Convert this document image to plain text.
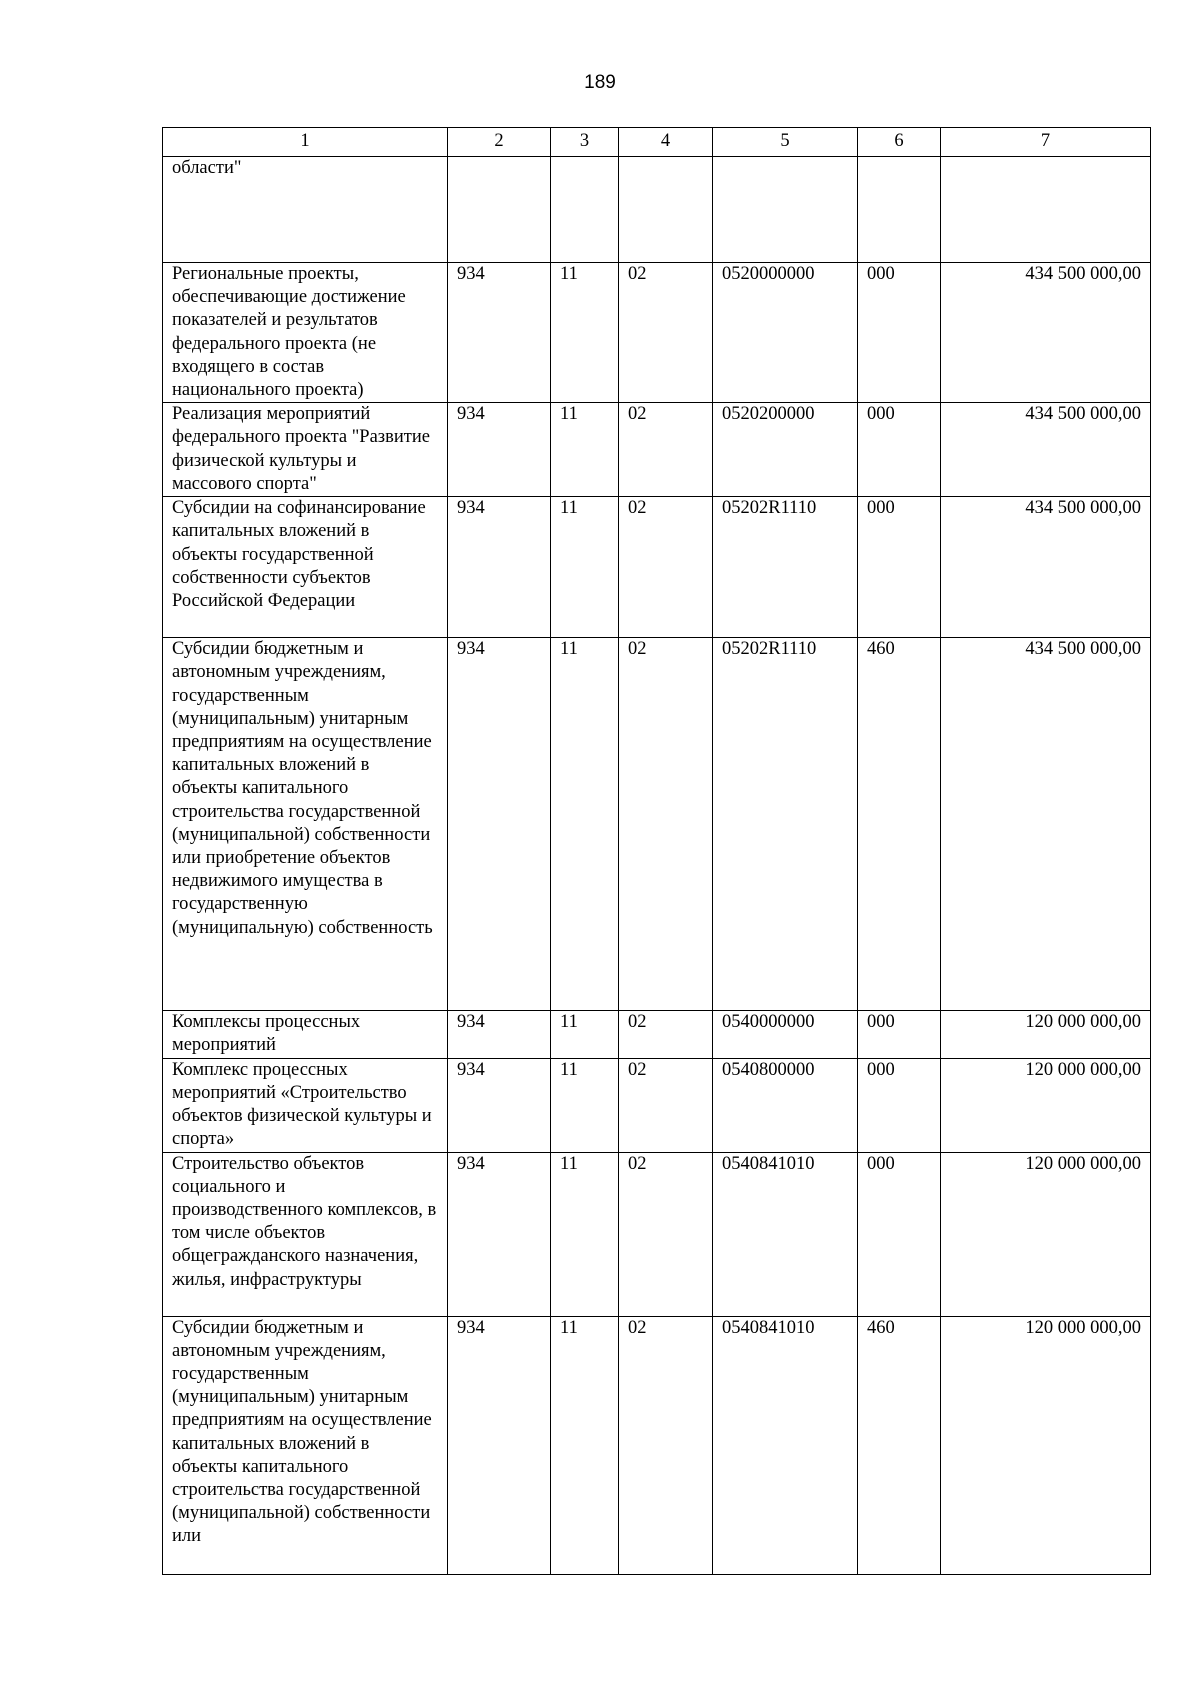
189
1	2	3	4	5	6	7
области"						
Региональные проекты, обеспечивающие достижение показателей и результатов федерального проекта (не входящего в состав национального проекта)	934	11	02	0520000000	000	434 500 000,00
Реализация мероприятий федерального проекта "Развитие физической культуры и массового спорта"	934	11	02	0520200000	000	434 500 000,00
Субсидии на софинансирование капитальных вложений в объекты государственной собственности субъектов Российской Федерации	934	11	02	05202R1110	000	434 500 000,00
Субсидии бюджетным и автономным учреждениям, государственным (муниципальным) унитарным предприятиям на осуществление капитальных вложений в объекты капитального строительства государственной (муниципальной) собственности или приобретение объектов недвижимого имущества в государственную (муниципальную) собственность	934	11	02	05202R1110	460	434 500 000,00
Комплексы процессных мероприятий	934	11	02	0540000000	000	120 000 000,00
Комплекс процессных мероприятий «Строительство объектов физической культуры и спорта»	934	11	02	0540800000	000	120 000 000,00
Строительство объектов социального и производственного комплексов, в том числе объектов общегражданского назначения, жилья, инфраструктуры	934	11	02	0540841010	000	120 000 000,00
Субсидии бюджетным и автономным учреждениям, государственным (муниципальным) унитарным предприятиям на осуществление капитальных вложений в объекты капитального строительства государственной (муниципальной) собственности или	934	11	02	0540841010	460	120 000 000,00
